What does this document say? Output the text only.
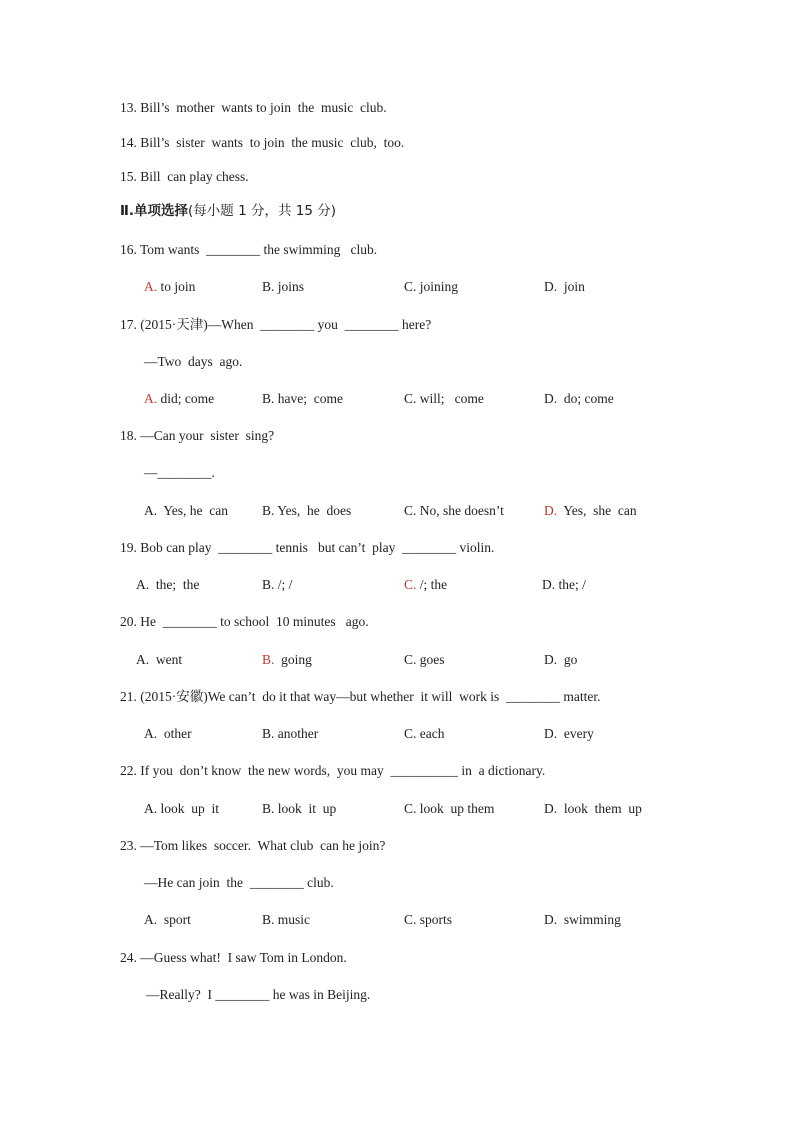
13. Bill’s  mother  wants to join  the  music  club.
14. Bill’s  sister  wants  to join  the music  club,  too.
15. Bill  can play chess.
Ⅱ.单项选择(每小题 1 分，共 15 分)
16. Tom wants  ________ the swimming   club.
A. to join	B. joins	C. joining	D.  join
17. (2015·天津)—When  ________ you  ________ here?
—Two  days  ago.
A. did; come	B. have;  come	C. will;   come	D.  do; come
18. —Can your  sister  sing?
—________.
A.  Yes, he  can	B. Yes,  he  does	C. No, she doesn’t	D.  Yes,  she  can
19. Bob can play  ________ tennis   but can’t  play  ________ violin.
A.  the;  the	B. /; /	C. /; the	D. the; /
20. He  ________ to school  10 minutes   ago.
A.  went	B.  going	C. goes	D.  go
21. (2015·安徽)We can’t  do it that way—but whether  it will  work is  ________ matter.
A.  other	B. another	C. each	D.  every
22. If you  don’t know  the new words,  you may  __________ in  a dictionary.
A. look  up  it	B. look  it  up	C. look  up them	D.  look  them  up
23. —Tom likes  soccer.  What club  can he join?
—He can join  the  ________ club.
A.  sport	B. music	C. sports	D.  swimming
24. —Guess what!  I saw Tom in London.
—Really?  I ________ he was in Beijing.
